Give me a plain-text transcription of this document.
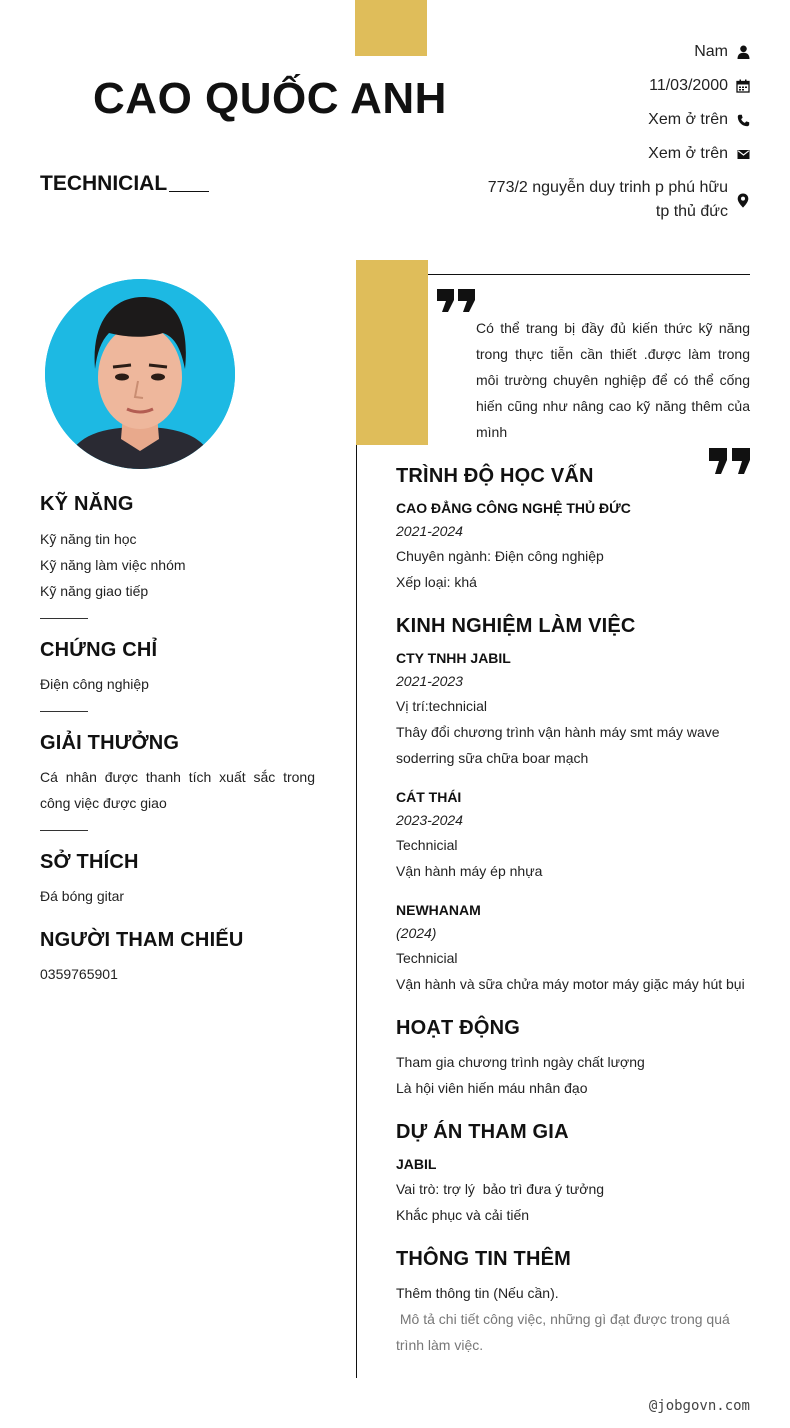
CAO QUỐC ANH
TECHNICIAL
Nam
11/03/2000
Xem ở trên
Xem ở trên
773/2 nguyễn duy trinh p phú hữu
tp thủ đức
Có thể trang bị đầy đủ kiến thức kỹ năng trong thực tiễn cần thiết .được làm trong môi trường chuyên nghiệp để có thể cống hiến cũng như nâng cao kỹ năng thêm của mình
KỸ NĂNG
Kỹ năng tin học
Kỹ năng làm việc nhóm
Kỹ năng giao tiếp
CHỨNG CHỈ
Điện công nghiệp
GIẢI THƯỞNG
Cá nhân được thanh tích xuất sắc trong công việc được giao
SỞ THÍCH
Đá bóng gitar
NGƯỜI THAM CHIẾU
0359765901
TRÌNH ĐỘ HỌC VẤN
CAO ĐẲNG CÔNG NGHỆ THỦ ĐỨC
2021-2024
Chuyên ngành: Điện công nghiệp
Xếp loại: khá
KINH NGHIỆM LÀM VIỆC
CTY TNHH JABIL
2021-2023
Vị trí:technicial
Thây đổi chương trình vận hành máy smt máy wave soderring sữa chữa boar mạch
CÁT THÁI
2023-2024
Technicial
Vận hành máy ép nhựa
NEWHANAM
(2024)
Technicial
Vận hành và sữa chửa máy motor máy giặc máy hút bụi
HOẠT ĐỘNG
Tham gia chương trình ngày chất lượng
Là hội viên hiến máu nhân đạo
DỰ ÁN THAM GIA
JABIL
Vai trò: trợ lý  bảo trì đưa ý tưởng
Khắc phục và cải tiến
THÔNG TIN THÊM
Thêm thông tin (Nếu cần).
Mô tả chi tiết công việc, những gì đạt được trong quá trình làm việc.
@jobgovn.com
